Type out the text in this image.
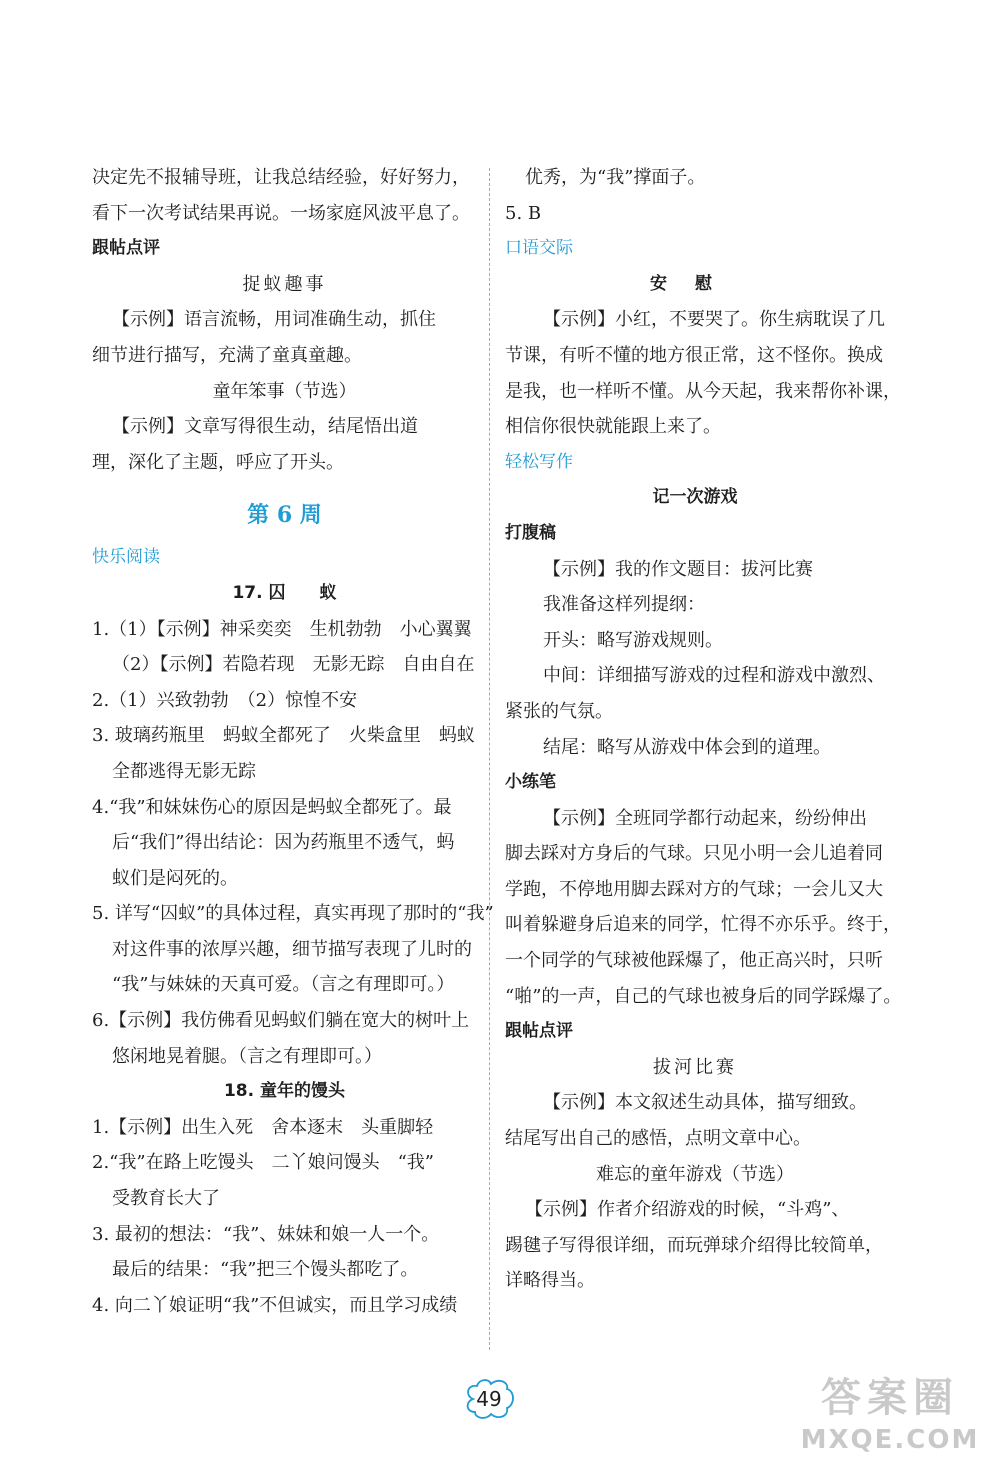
决定先不报辅导班，让我总结经验，好好努力，
看下一次考试结果再说。一场家庭风波平息了。
跟帖点评
捉蚁趣事
【示例】语言流畅，用词准确生动，抓住
细节进行描写，充满了童真童趣。
童年笨事（节选）
【示例】文章写得很生动，结尾悟出道
理，深化了主题，呼应了开头。
第 6 周
快乐阅读
17. 囚　　蚁
1.（1）【示例】神采奕奕　生机勃勃　小心翼翼
（2）【示例】若隐若现　无影无踪　自由自在
2.（1）兴致勃勃　（2）惊惶不安
3. 玻璃药瓶里　蚂蚁全都死了　火柴盒里　蚂蚁
全都逃得无影无踪
4.“我”和妹妹伤心的原因是蚂蚁全都死了。最
后“我们”得出结论：因为药瓶里不透气，蚂
蚁们是闷死的。
5. 详写“囚蚁”的具体过程，真实再现了那时的“我”
对这件事的浓厚兴趣，细节描写表现了儿时的
“我”与妹妹的天真可爱。（言之有理即可。）
6.【示例】我仿佛看见蚂蚁们躺在宽大的树叶上
悠闲地晃着腿。（言之有理即可。）
18. 童年的馒头
1.【示例】出生入死　舍本逐末　头重脚轻
2.“我”在路上吃馒头　二丫娘问馒头　“我”
受教育长大了
3. 最初的想法：“我”、妹妹和娘一人一个。
最后的结果：“我”把三个馒头都吃了。
4. 向二丫娘证明“我”不但诚实，而且学习成绩
优秀，为“我”撑面子。
5. B
口语交际
安慰
【示例】小红，不要哭了。你生病耽误了几
节课，有听不懂的地方很正常，这不怪你。换成
是我，也一样听不懂。从今天起，我来帮你补课，
相信你很快就能跟上来了。
轻松写作
记一次游戏
打腹稿
【示例】我的作文题目：拔河比赛
我准备这样列提纲：
开头：略写游戏规则。
中间：详细描写游戏的过程和游戏中激烈、
紧张的气氛。
结尾：略写从游戏中体会到的道理。
小练笔
【示例】全班同学都行动起来，纷纷伸出
脚去踩对方身后的气球。只见小明一会儿追着同
学跑，不停地用脚去踩对方的气球；一会儿又大
叫着躲避身后追来的同学，忙得不亦乐乎。终于，
一个同学的气球被他踩爆了，他正高兴时，只听
“啪”的一声，自己的气球也被身后的同学踩爆了。
跟帖点评
拔河比赛
【示例】本文叙述生动具体，描写细致。
结尾写出自己的感悟，点明文章中心。
难忘的童年游戏（节选）
【示例】作者介绍游戏的时候，“斗鸡”、
踢毽子写得很详细，而玩弹球介绍得比较简单，
详略得当。
49	答案圈
MXQE.COM
